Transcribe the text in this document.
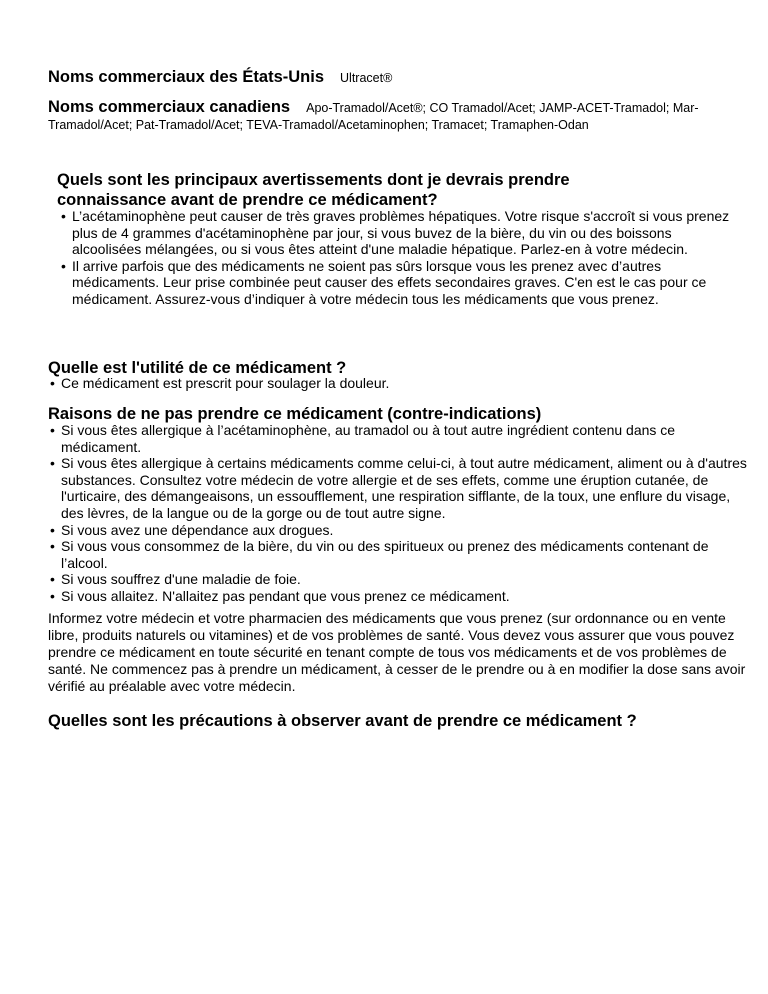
Noms commerciaux des États-Unis Ultracet®
Noms commerciaux canadiens Apo-Tramadol/Acet®; CO Tramadol/Acet; JAMP-ACET-Tramadol; Mar-Tramadol/Acet; Pat-Tramadol/Acet; TEVA-Tramadol/Acetaminophen; Tramacet; Tramaphen-Odan
Quels sont les principaux avertissements dont je devrais prendre connaissance avant de prendre ce médicament?
• L’acétaminophène peut causer de très graves problèmes hépatiques. Votre risque s'accroît si vous prenez plus de 4 grammes d'acétaminophène par jour, si vous buvez de la bière, du vin ou des boissons alcoolisées mélangées, ou si vous êtes atteint d'une maladie hépatique. Parlez-en à votre médecin.
• Il arrive parfois que des médicaments ne soient pas sûrs lorsque vous les prenez avec d’autres médicaments. Leur prise combinée peut causer des effets secondaires graves. C'en est le cas pour ce médicament. Assurez-vous d’indiquer à votre médecin tous les médicaments que vous prenez.
Quelle est l'utilité de ce médicament ?
• Ce médicament est prescrit pour soulager la douleur.
Raisons de ne pas prendre ce médicament (contre-indications)
• Si vous êtes allergique à l’acétaminophène, au tramadol ou à tout autre ingrédient contenu dans ce médicament.
• Si vous êtes allergique à certains médicaments comme celui-ci, à tout autre médicament, aliment ou à d'autres substances. Consultez votre médecin de votre allergie et de ses effets, comme une éruption cutanée, de l'urticaire, des démangeaisons, un essoufflement, une respiration sifflante, de la toux, une enflure du visage, des lèvres, de la langue ou de la gorge ou de tout autre signe.
• Si vous avez une dépendance aux drogues.
• Si vous vous consommez de la bière, du vin ou des spiritueux ou prenez des médicaments contenant de l’alcool.
• Si vous souffrez d'une maladie de foie.
• Si vous allaitez. N'allaitez pas pendant que vous prenez ce médicament.

Informez votre médecin et votre pharmacien des médicaments que vous prenez (sur ordonnance ou en vente libre, produits naturels ou vitamines) et de vos problèmes de santé. Vous devez vous assurer que vous pouvez prendre ce médicament en toute sécurité en tenant compte de tous vos médicaments et de vos problèmes de santé. Ne commencez pas à prendre un médicament, à cesser de le prendre ou à en modifier la dose sans avoir vérifié au préalable avec votre médecin.

Quelles sont les précautions à observer avant de prendre ce médicament ?
